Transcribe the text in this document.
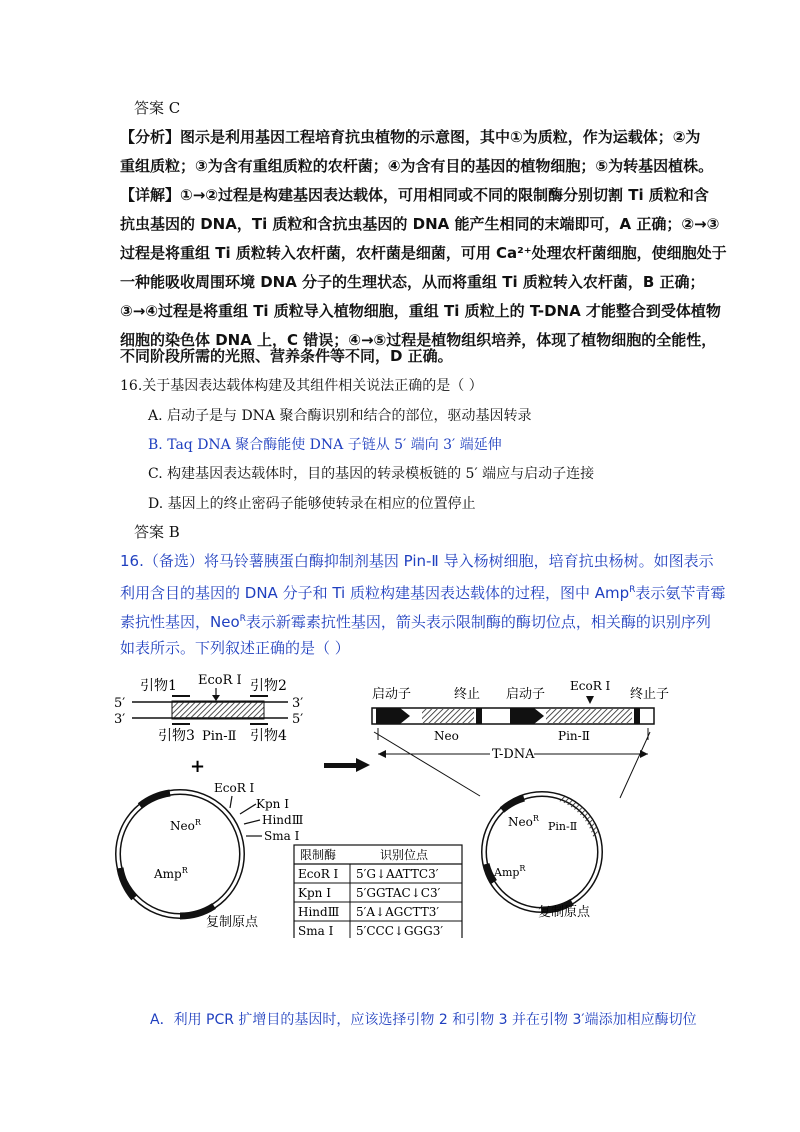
答案 C
【分析】图示是利用基因工程培育抗虫植物的示意图，其中①为质粒，作为运载体；②为
重组质粒；③为含有重组质粒的农杆菌；④为含有目的基因的植物细胞；⑤为转基因植株。
【详解】①→②过程是构建基因表达载体，可用相同或不同的限制酶分别切割 Ti 质粒和含
抗虫基因的 DNA，Ti 质粒和含抗虫基因的 DNA 能产生相同的末端即可，A 正确；②→③
过程是将重组 Ti 质粒转入农杆菌，农杆菌是细菌，可用 Ca²⁺处理农杆菌细胞，使细胞处于
一种能吸收周围环境 DNA 分子的生理状态，从而将重组 Ti 质粒转入农杆菌，B 正确；
③→④过程是将重组 Ti 质粒导入植物细胞，重组 Ti 质粒上的 T-DNA 才能整合到受体植物
细胞的染色体 DNA 上，C 错误；④→⑤过程是植物组织培养，体现了植物细胞的全能性，
不同阶段所需的光照、营养条件等不同，D 正确。
16.关于基因表达载体构建及其组件相关说法正确的是（ ）
A. 启动子是与 DNA 聚合酶识别和结合的部位，驱动基因转录
B. Taq DNA 聚合酶能使 DNA 子链从 5′ 端向 3′ 端延伸
C. 构建基因表达载体时，目的基因的转录模板链的 5′ 端应与启动子连接
D. 基因上的终止密码子能够使转录在相应的位置停止
答案 B
16.（备选）将马铃薯胰蛋白酶抑制剂基因 Pin-Ⅱ 导入杨树细胞，培育抗虫杨树。如图表示
利用含目的基因的 DNA 分子和 Ti 质粒构建基因表达载体的过程，图中 Amp$^R$表示氨苄青霉
素抗性基因，Neo$^R$表示新霉素抗性基因，箭头表示限制酶的酶切位点，相关酶的识别序列
如表所示。下列叙述正确的是（ ）
5′
3′
3′
5′
引物1	引物2
EcoR Ⅰ
引物3 Pin-Ⅱ 引物4
+
Neo$^R$
Amp$^R$
复制原点
EcoR Ⅰ
Kpn Ⅰ
HindⅢ
Sma Ⅰ
限制酶	识别位点
EcoR Ⅰ 5′G↓AATTC3′
Kpn Ⅰ 5′GGTAC↓C3′
HindⅢ 5′A↓AGCTT3′
Sma Ⅰ 5′CCC↓GGG3′
启动子	终止 启动子
EcoR Ⅰ
终止子
Neo	Pin-Ⅱ
T-DNA
Neo$^R$
Pin-Ⅱ
Amp$^R$
复制原点
A．利用 PCR 扩增目的基因时，应该选择引物 2 和引物 3 并在引物 3′端添加相应酶切位
